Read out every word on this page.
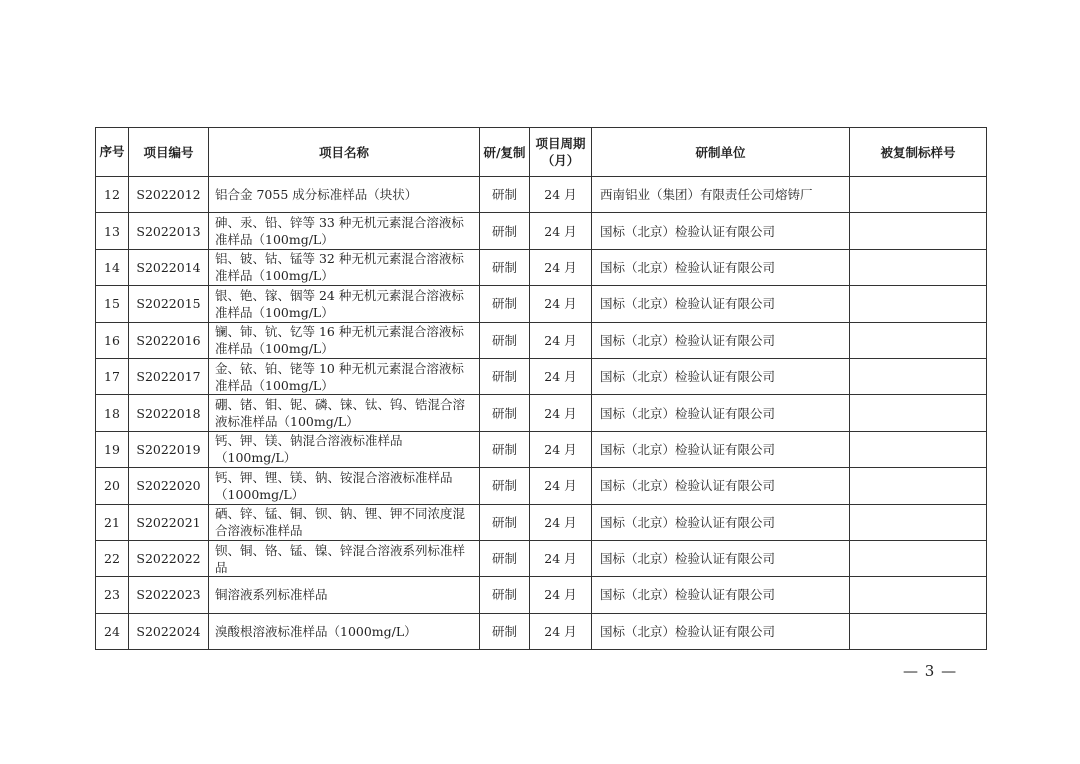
序号	项目编号	项目名称	研/复制	项目周期（月）	研制单位	被复制标样号
12	S2022012	铝合金 7055 成分标准样品（块状）	研制	24 月	西南铝业（集团）有限责任公司熔铸厂	
13	S2022013	砷、汞、铅、锌等 33 种无机元素混合溶液标准样品（100mg/L）	研制	24 月	国标（北京）检验认证有限公司	
14	S2022014	铝、铍、钴、锰等 32 种无机元素混合溶液标准样品（100mg/L）	研制	24 月	国标（北京）检验认证有限公司	
15	S2022015	银、铯、镓、铟等 24 种无机元素混合溶液标准样品（100mg/L）	研制	24 月	国标（北京）检验认证有限公司	
16	S2022016	镧、铈、钪、钇等 16 种无机元素混合溶液标准样品（100mg/L）	研制	24 月	国标（北京）检验认证有限公司	
17	S2022017	金、铱、铂、铑等 10 种无机元素混合溶液标准样品（100mg/L）	研制	24 月	国标（北京）检验认证有限公司	
18	S2022018	硼、锗、钼、铌、磷、铼、钛、钨、锆混合溶液标准样品（100mg/L）	研制	24 月	国标（北京）检验认证有限公司	
19	S2022019	钙、钾、镁、钠混合溶液标准样品（100mg/L）	研制	24 月	国标（北京）检验认证有限公司	
20	S2022020	钙、钾、锂、镁、钠、铵混合溶液标准样品（1000mg/L）	研制	24 月	国标（北京）检验认证有限公司	
21	S2022021	硒、锌、锰、铜、钡、钠、锂、钾不同浓度混合溶液标准样品	研制	24 月	国标（北京）检验认证有限公司	
22	S2022022	钡、铜、铬、锰、镍、锌混合溶液系列标准样品	研制	24 月	国标（北京）检验认证有限公司	
23	S2022023	铜溶液系列标准样品	研制	24 月	国标（北京）检验认证有限公司	
24	S2022024	溴酸根溶液标准样品（1000mg/L）	研制	24 月	国标（北京）检验认证有限公司	
— 3 —
